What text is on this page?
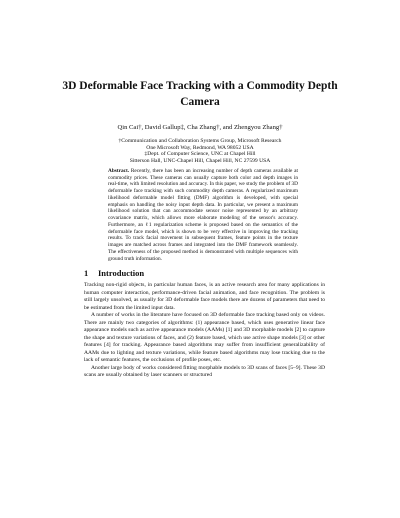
3D Deformable Face Tracking with a Commodity Depth Camera
Qin Cai†, David Gallup‡, Cha Zhang†, and Zhengyou Zhang†
†Communication and Collaboration Systems Group, Microsoft Research
One Microsoft Way, Redmond, WA 98052 USA
‡Dept. of Computer Science, UNC at Chapel Hill
Sitterson Hall, UNC-Chapel Hill, Chapel Hill, NC 27599 USA
Abstract. Recently, there has been an increasing number of depth cameras available at commodity prices. These cameras can usually capture both color and depth images in real-time, with limited resolution and accuracy. In this paper, we study the problem of 3D deformable face tracking with such commodity depth cameras. A regularized maximum likelihood deformable model fitting (DMF) algorithm is developed, with special emphasis on handling the noisy input depth data. In particular, we present a maximum likelihood solution that can accommodate sensor noise represented by an arbitrary covariance matrix, which allows more elaborate modeling of the sensor's accuracy. Furthermore, an ℓ1 regularization scheme is proposed based on the semantics of the deformable face model, which is shown to be very effective in improving the tracking results. To track facial movement in subsequent frames, feature points in the texture images are matched across frames and integrated into the DMF framework seamlessly. The effectiveness of the proposed method is demonstrated with multiple sequences with ground truth information.
1 Introduction

Tracking non-rigid objects, in particular human faces, is an active research area for many applications in human computer interaction, performance-driven facial animation, and face recognition. The problem is still largely unsolved, as usually for 3D deformable face models there are dozens of parameters that need to be estimated from the limited input data.

A number of works in the literature have focused on 3D deformable face tracking based only on videos. There are mainly two categories of algorithms: (1) appearance based, which uses generative linear face appearance models such as active appearance models (AAMs) [1] and 3D morphable models [2] to capture the shape and texture variations of faces, and (2) feature based, which use active shape models [3] or other features [4] for tracking. Appearance based algorithms may suffer from insufficient generalizability of AAMs due to lighting and texture variations, while feature based algorithms may lose tracking due to the lack of semantic features, the occlusions of profile poses, etc.

Another large body of works considered fitting morphable models to 3D scans of faces [5–9]. These 3D scans are usually obtained by laser scanners or structured
